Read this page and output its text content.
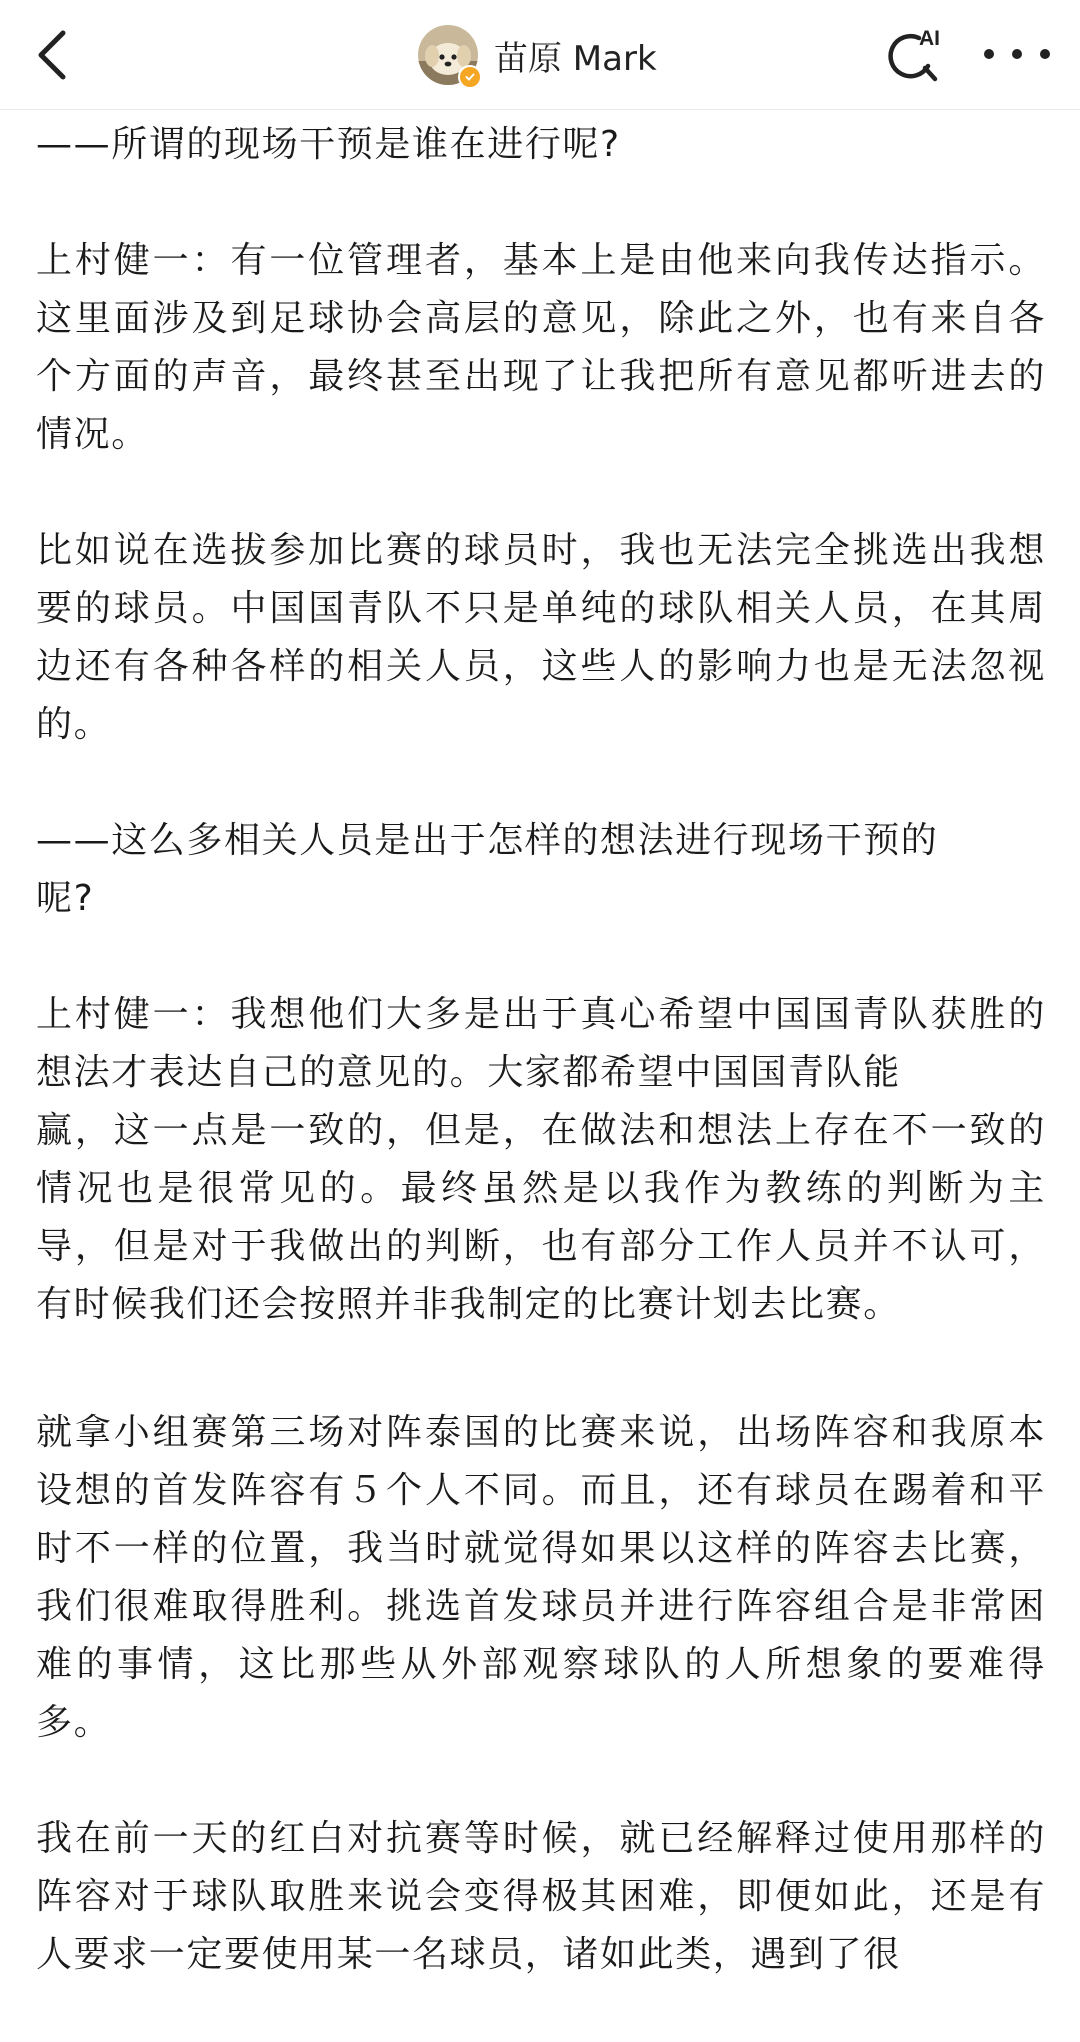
苗原 Mark	AI

——所谓的现场干预是谁在进行呢?

上村健一：有一位管理者，基本上是由他来向我传达指示。这里面涉及到足球协会高层的意见，除此之外，也有来自各个方面的声音，最终甚至出现了让我把所有意见都听进去的情况。

比如说在选拔参加比赛的球员时，我也无法完全挑选出我想要的球员。中国国青队不只是单纯的球队相关人员，在其周边还有各种各样的相关人员，这些人的影响力也是无法忽视的。

——这么多相关人员是出于怎样的想法进行现场干预的
呢?

上村健一：我想他们大多是出于真心希望中国国青队获胜的想法才表达自己的意见的。大家都希望中国国青队能
赢，这一点是一致的，但是，在做法和想法上存在不一致的情况也是很常见的。最终虽然是以我作为教练的判断为主导，但是对于我做出的判断，也有部分工作人员并不认可，有时候我们还会按照并非我制定的比赛计划去比赛。

就拿小组赛第三场对阵泰国的比赛来说，出场阵容和我原本设想的首发阵容有５个人不同。而且，还有球员在踢着和平时不一样的位置，我当时就觉得如果以这样的阵容去比赛，我们很难取得胜利。挑选首发球员并进行阵容组合是非常困难的事情，这比那些从外部观察球队的人所想象的要难得多。

我在前一天的红白对抗赛等时候，就已经解释过使用那样的阵容对于球队取胜来说会变得极其困难，即便如此，还是有人要求一定要使用某一名球员，诸如此类，遇到了很
